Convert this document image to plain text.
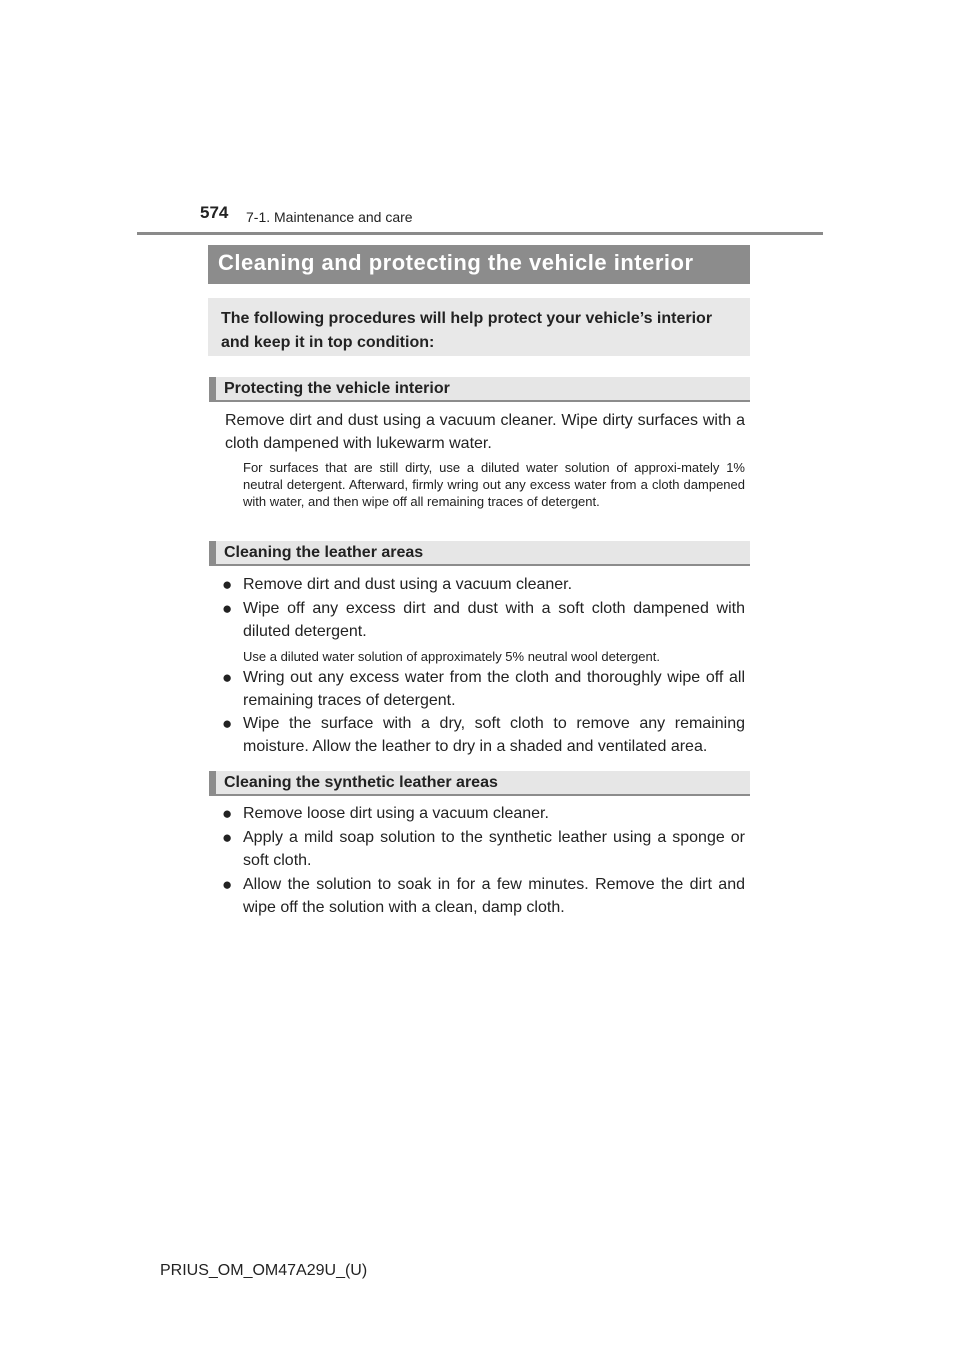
574 7-1. Maintenance and care
Cleaning and protecting the vehicle interior
The following procedures will help protect your vehicle’s interior and keep it in top condition:
Protecting the vehicle interior
Remove dirt and dust using a vacuum cleaner. Wipe dirty surfaces with a cloth dampened with lukewarm water.
For surfaces that are still dirty, use a diluted water solution of approxi-mately 1% neutral detergent. Afterward, firmly wring out any excess water from a cloth dampened with water, and then wipe off all remaining traces of detergent.
Cleaning the leather areas
● Remove dirt and dust using a vacuum cleaner.
● Wipe off any excess dirt and dust with a soft cloth dampened with diluted detergent.
Use a diluted water solution of approximately 5% neutral wool detergent.
● Wring out any excess water from the cloth and thoroughly wipe off all remaining traces of detergent.
● Wipe the surface with a dry, soft cloth to remove any remaining moisture. Allow the leather to dry in a shaded and ventilated area.
Cleaning the synthetic leather areas
● Remove loose dirt using a vacuum cleaner.
● Apply a mild soap solution to the synthetic leather using a sponge or soft cloth.
● Allow the solution to soak in for a few minutes. Remove the dirt and wipe off the solution with a clean, damp cloth.
PRIUS_OM_OM47A29U_(U)
